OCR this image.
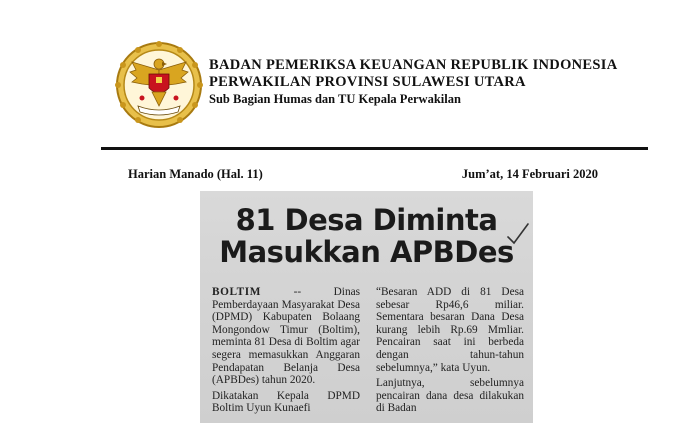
BADAN PEMERIKSA KEUANGAN REPUBLIK INDONESIA
PERWAKILAN PROVINSI SULAWESI UTARA
Sub Bagian Humas dan TU Kepala Perwakilan
Harian Manado (Hal. 11)	Jum’at, 14 Februari 2020
81 Desa Diminta
Masukkan APBDes

BOLTIM -- Dinas Pemberdayaan Masyarakat Desa (DPMD) Kabupaten Bolaang Mongondow Timur (Boltim), meminta 81 Desa di Boltim agar segera memasukkan Anggaran Pendapatan Belanja Desa (APBDes) tahun 2020.

Dikatakan Kepala DPMD Boltim Uyun Kunaefi

“Besaran ADD di 81 Desa sebesar Rp46,6 miliar. Sementara besaran Dana Desa kurang lebih Rp.69 Mmliar. Pencairan saat ini berbeda dengan tahun-tahun sebelumnya,” kata Uyun.

Lanjutnya, sebelumnya pencairan dana desa dilakukan di Badan
